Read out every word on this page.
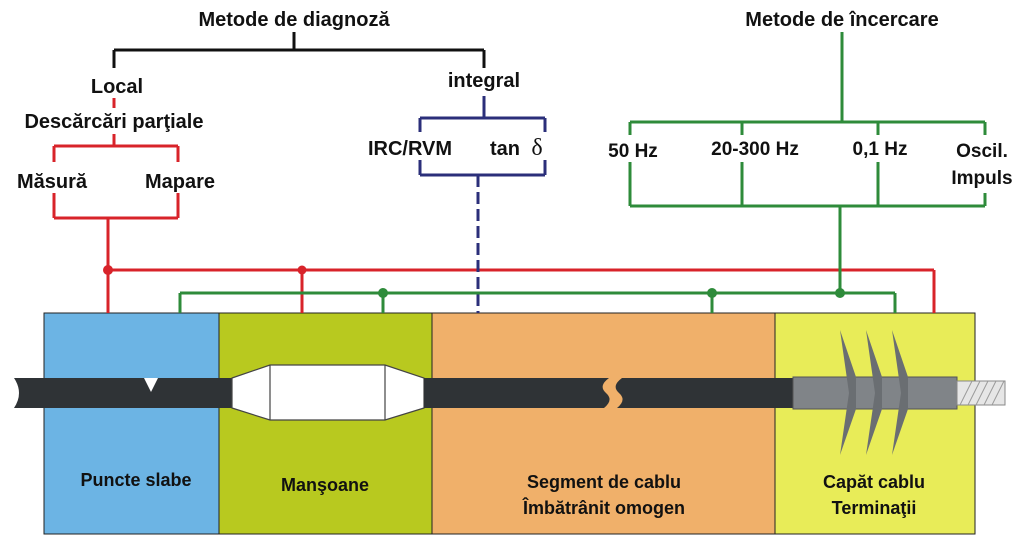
Metode de diagnoză
Local
Descărcări parţiale
Măsură	Mapare
integral
IRC/RVM tan δ
Metode de încercare
50 Hz	20-300 Hz	0,1 Hz	Oscil.
Impuls
Puncte slabe	Manşoane	Segment de cablu
Îmbătrânit omogen
Capăt cablu
Terminaţii
